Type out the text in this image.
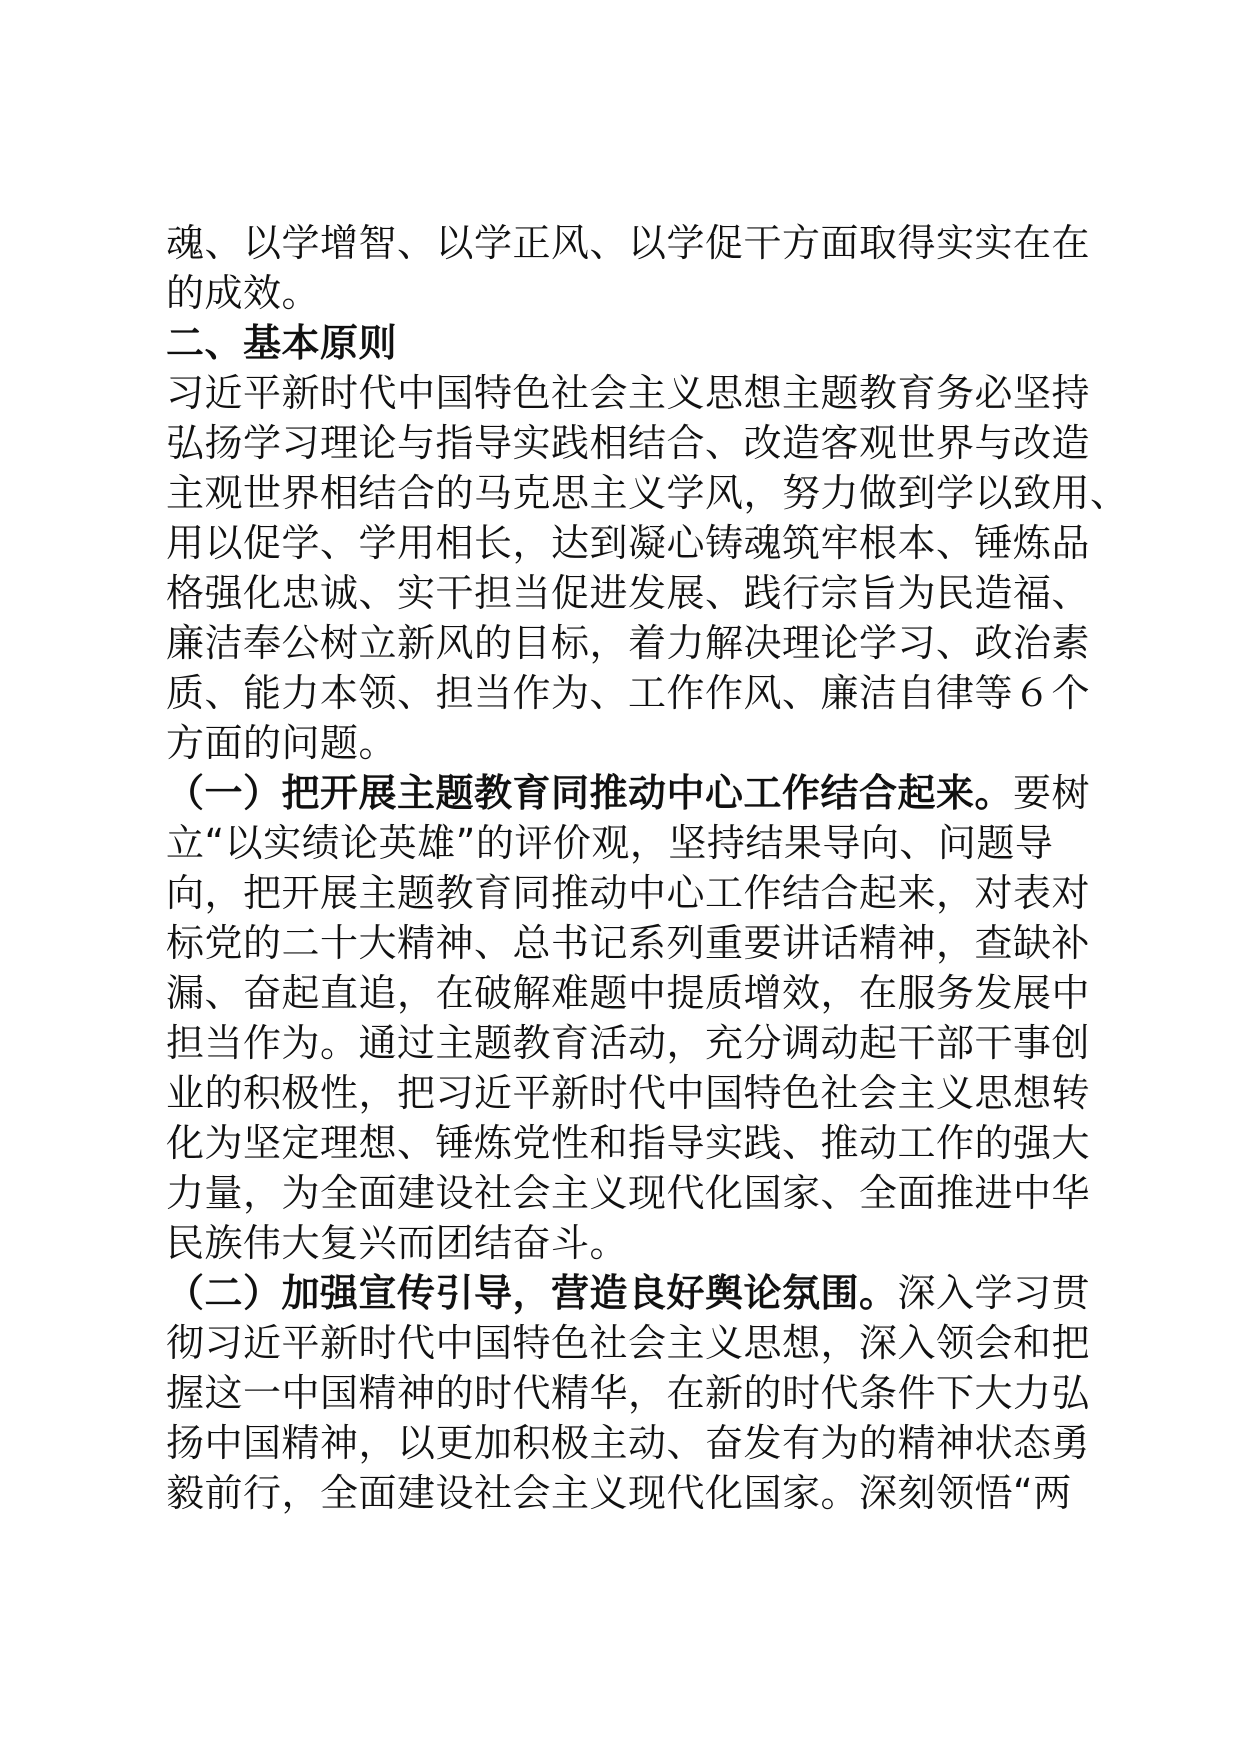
魂、以学增智、以学正风、以学促干方面取得实实在在

的成效。

二、基本原则

习近平新时代中国特色社会主义思想主题教育务必坚持

弘扬学习理论与指导实践相结合、改造客观世界与改造

主观世界相结合的马克思主义学风，努力做到学以致用、

用以促学、学用相长，达到凝心铸魂筑牢根本、锤炼品

格强化忠诚、实干担当促进发展、践行宗旨为民造福、

廉洁奉公树立新风的目标，着力解决理论学习、政治素

质、能力本领、担当作为、工作作风、廉洁自律等６个

方面的问题。

（一）把开展主题教育同推动中心工作结合起来。要树

立“以实绩论英雄”的评价观，坚持结果导向、问题导

向，把开展主题教育同推动中心工作结合起来，对表对

标党的二十大精神、总书记系列重要讲话精神，查缺补

漏、奋起直追，在破解难题中提质增效，在服务发展中

担当作为。通过主题教育活动，充分调动起干部干事创

业的积极性，把习近平新时代中国特色社会主义思想转

化为坚定理想、锤炼党性和指导实践、推动工作的强大

力量，为全面建设社会主义现代化国家、全面推进中华

民族伟大复兴而团结奋斗。

（二）加强宣传引导，营造良好舆论氛围。深入学习贯

彻习近平新时代中国特色社会主义思想，深入领会和把

握这一中国精神的时代精华，在新的时代条件下大力弘

扬中国精神，以更加积极主动、奋发有为的精神状态勇

毅前行，全面建设社会主义现代化国家。深刻领悟“两
